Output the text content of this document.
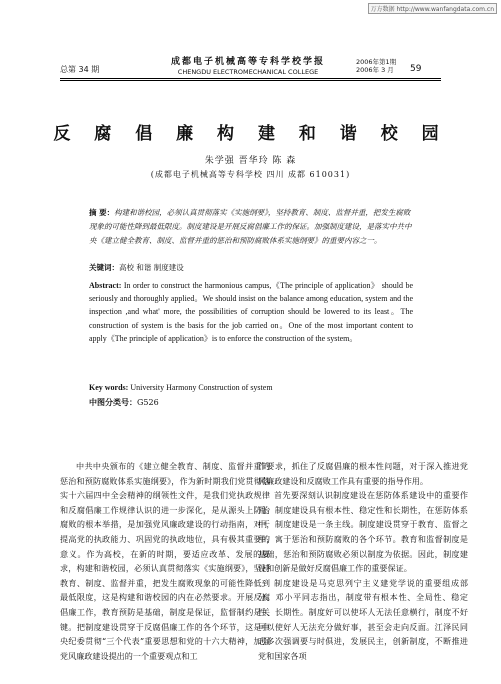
万方数据 http://www.wanfangdata.com.cn
总第 34 期
成都电子机械高等专科学校学报
CHENGDU ELECTROMECHANICAL COLLEGE
2006年第1期
2006年 3 月 59
反 腐 倡 廉 构 建 和 谐 校 园
朱学强 晋华玲 陈 森
(成都电子机械高等专科学校 四川 成都 610031)
摘 要：构建和谐校园，必须认真贯彻落实《实施纲要》，坚持教育、制度、监督并重，把发生腐败现象的可能性降到最低限度。制度建设是开展反腐倡廉工作的保证。加强制度建设，是落实中共中央《建立健全教育、制度、监督并重的惩治和预防腐败体系实施纲要》的重要内容之一。
关键词：高校 和谐 制度建设
Abstract: In order to construct the harmonious campus,《The principle of application》 should be seriously and thoroughly applied。We should insist on the balance among education, system and the inspection ,and what' more, the possibilities of corruption should be lowered to its least。The construction of system is the basis for the job carried on。One of the most important content to apply《The principle of application》is to enforce the construction of the system。
Key words: University Harmony Construction of system
中图分类号：G526
中共中央颁布的《建立健全教育、制度、监督并重的惩治和预防腐败体系实施纲要》，作为新时期我们党贯彻落实十六届四中全会精神的纲领性文件，是我们党执政规律和反腐倡廉工作规律认识的进一步深化，是从源头上防治腐败的根本举措，是加强党风廉政建设的行动指南，对于提高党的执政能力、巩固党的执政地位，具有极其重要的意义。作为高校，在新的时期，要适应改革、发展的要求，构建和谐校园，必须认真贯彻落实《实施纲要》，坚持教育、制度、监督并重，把发生腐败现象的可能性降低到最低限度，这是构建和谐校园的内在必然要求。开展反腐倡廉工作，教育预防是基础，制度是保证，监督制约是关键。把制度建设贯穿于反腐倡廉工作的各个环节，这是中央纪委贯彻“三个代表”重要思想和党的十六大精神，加强党风廉政建设提出的一个重要观点和工

作要求，抓住了反腐倡廉的根本性问题，对于深入推进党风廉政建设和反腐败工作具有重要的指导作用。

首先要深刻认识制度建设在惩防体系建设中的重要作用。制度建设具有根本性、稳定性和长期性，在惩防体系中，制度建设是一条主线。制度建设贯穿于教育、监督之中，寓于惩治和预防腐败的各个环节。教育和监督制度是基础，惩治和预防腐败必须以制度为依据。因此，制度建设和创新是做好反腐倡廉工作的重要保证。

制度建设是马克思列宁主义建党学说的重要组成部分。邓小平同志指出，制度带有根本性、全局性、稳定性、长期性。制度好可以使坏人无法任意横行，制度不好可以使好人无法充分做好事，甚至会走向反面。江泽民同志多次强调要与时俱进，发展民主，创新制度，不断推进党和国家各项
